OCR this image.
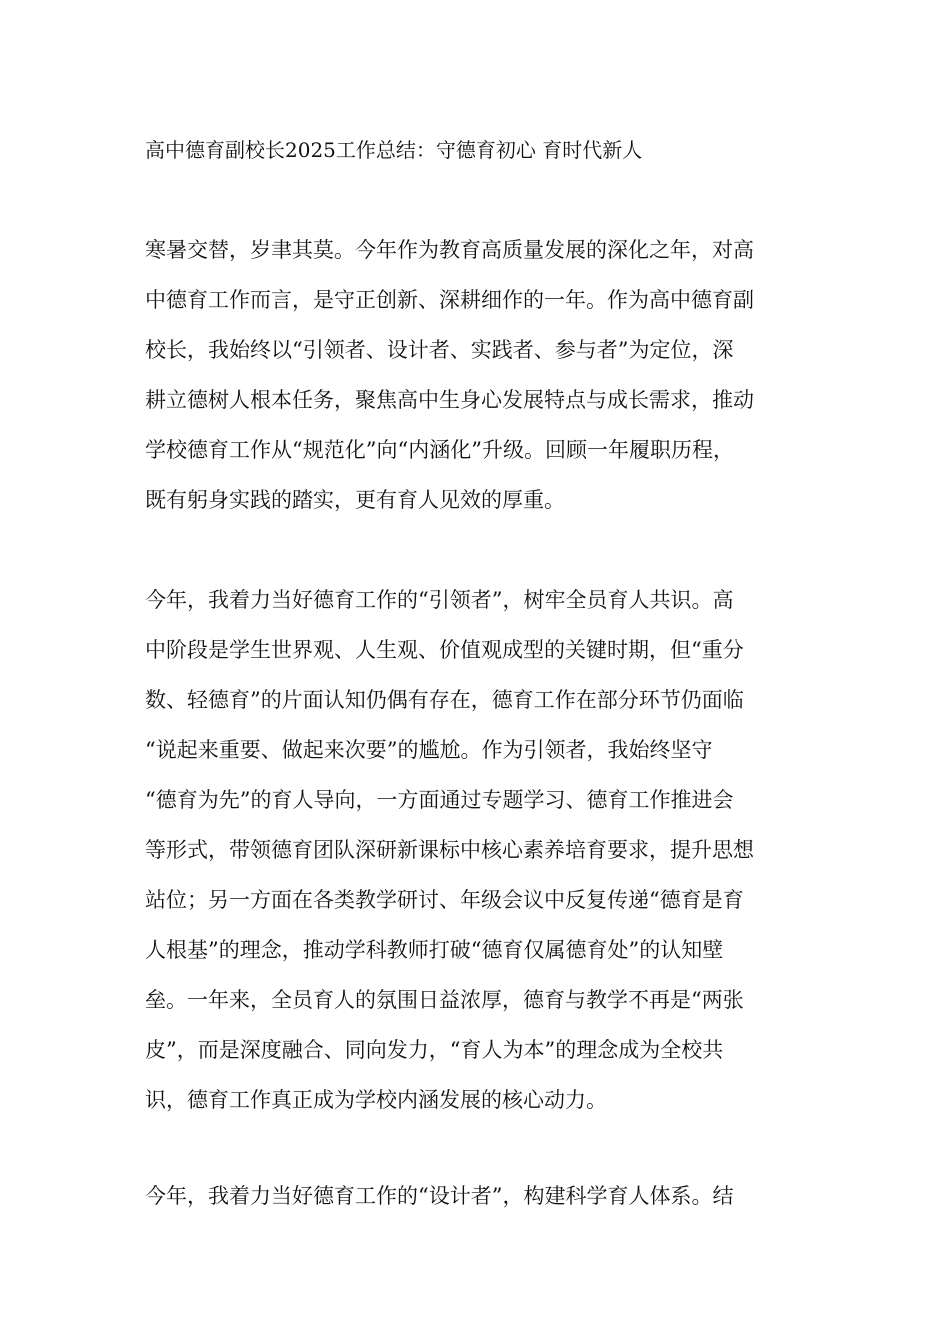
高中德育副校长2025工作总结：守德育初心 育时代新人
寒暑交替，岁聿其莫。今年作为教育高质量发展的深化之年，对高
中德育工作而言，是守正创新、深耕细作的一年。作为高中德育副
校长，我始终以“引领者、设计者、实践者、参与者”为定位，深
耕立德树人根本任务，聚焦高中生身心发展特点与成长需求，推动
学校德育工作从“规范化”向“内涵化”升级。回顾一年履职历程，
既有躬身实践的踏实，更有育人见效的厚重。
今年，我着力当好德育工作的“引领者”，树牢全员育人共识。高
中阶段是学生世界观、人生观、价值观成型的关键时期，但“重分
数、轻德育”的片面认知仍偶有存在，德育工作在部分环节仍面临
“说起来重要、做起来次要”的尴尬。作为引领者，我始终坚守
“德育为先”的育人导向，一方面通过专题学习、德育工作推进会
等形式，带领德育团队深研新课标中核心素养培育要求，提升思想
站位；另一方面在各类教学研讨、年级会议中反复传递“德育是育
人根基”的理念，推动学科教师打破“德育仅属德育处”的认知壁
垒。一年来，全员育人的氛围日益浓厚，德育与教学不再是“两张
皮”，而是深度融合、同向发力，“育人为本”的理念成为全校共
识，德育工作真正成为学校内涵发展的核心动力。
今年，我着力当好德育工作的“设计者”，构建科学育人体系。结
